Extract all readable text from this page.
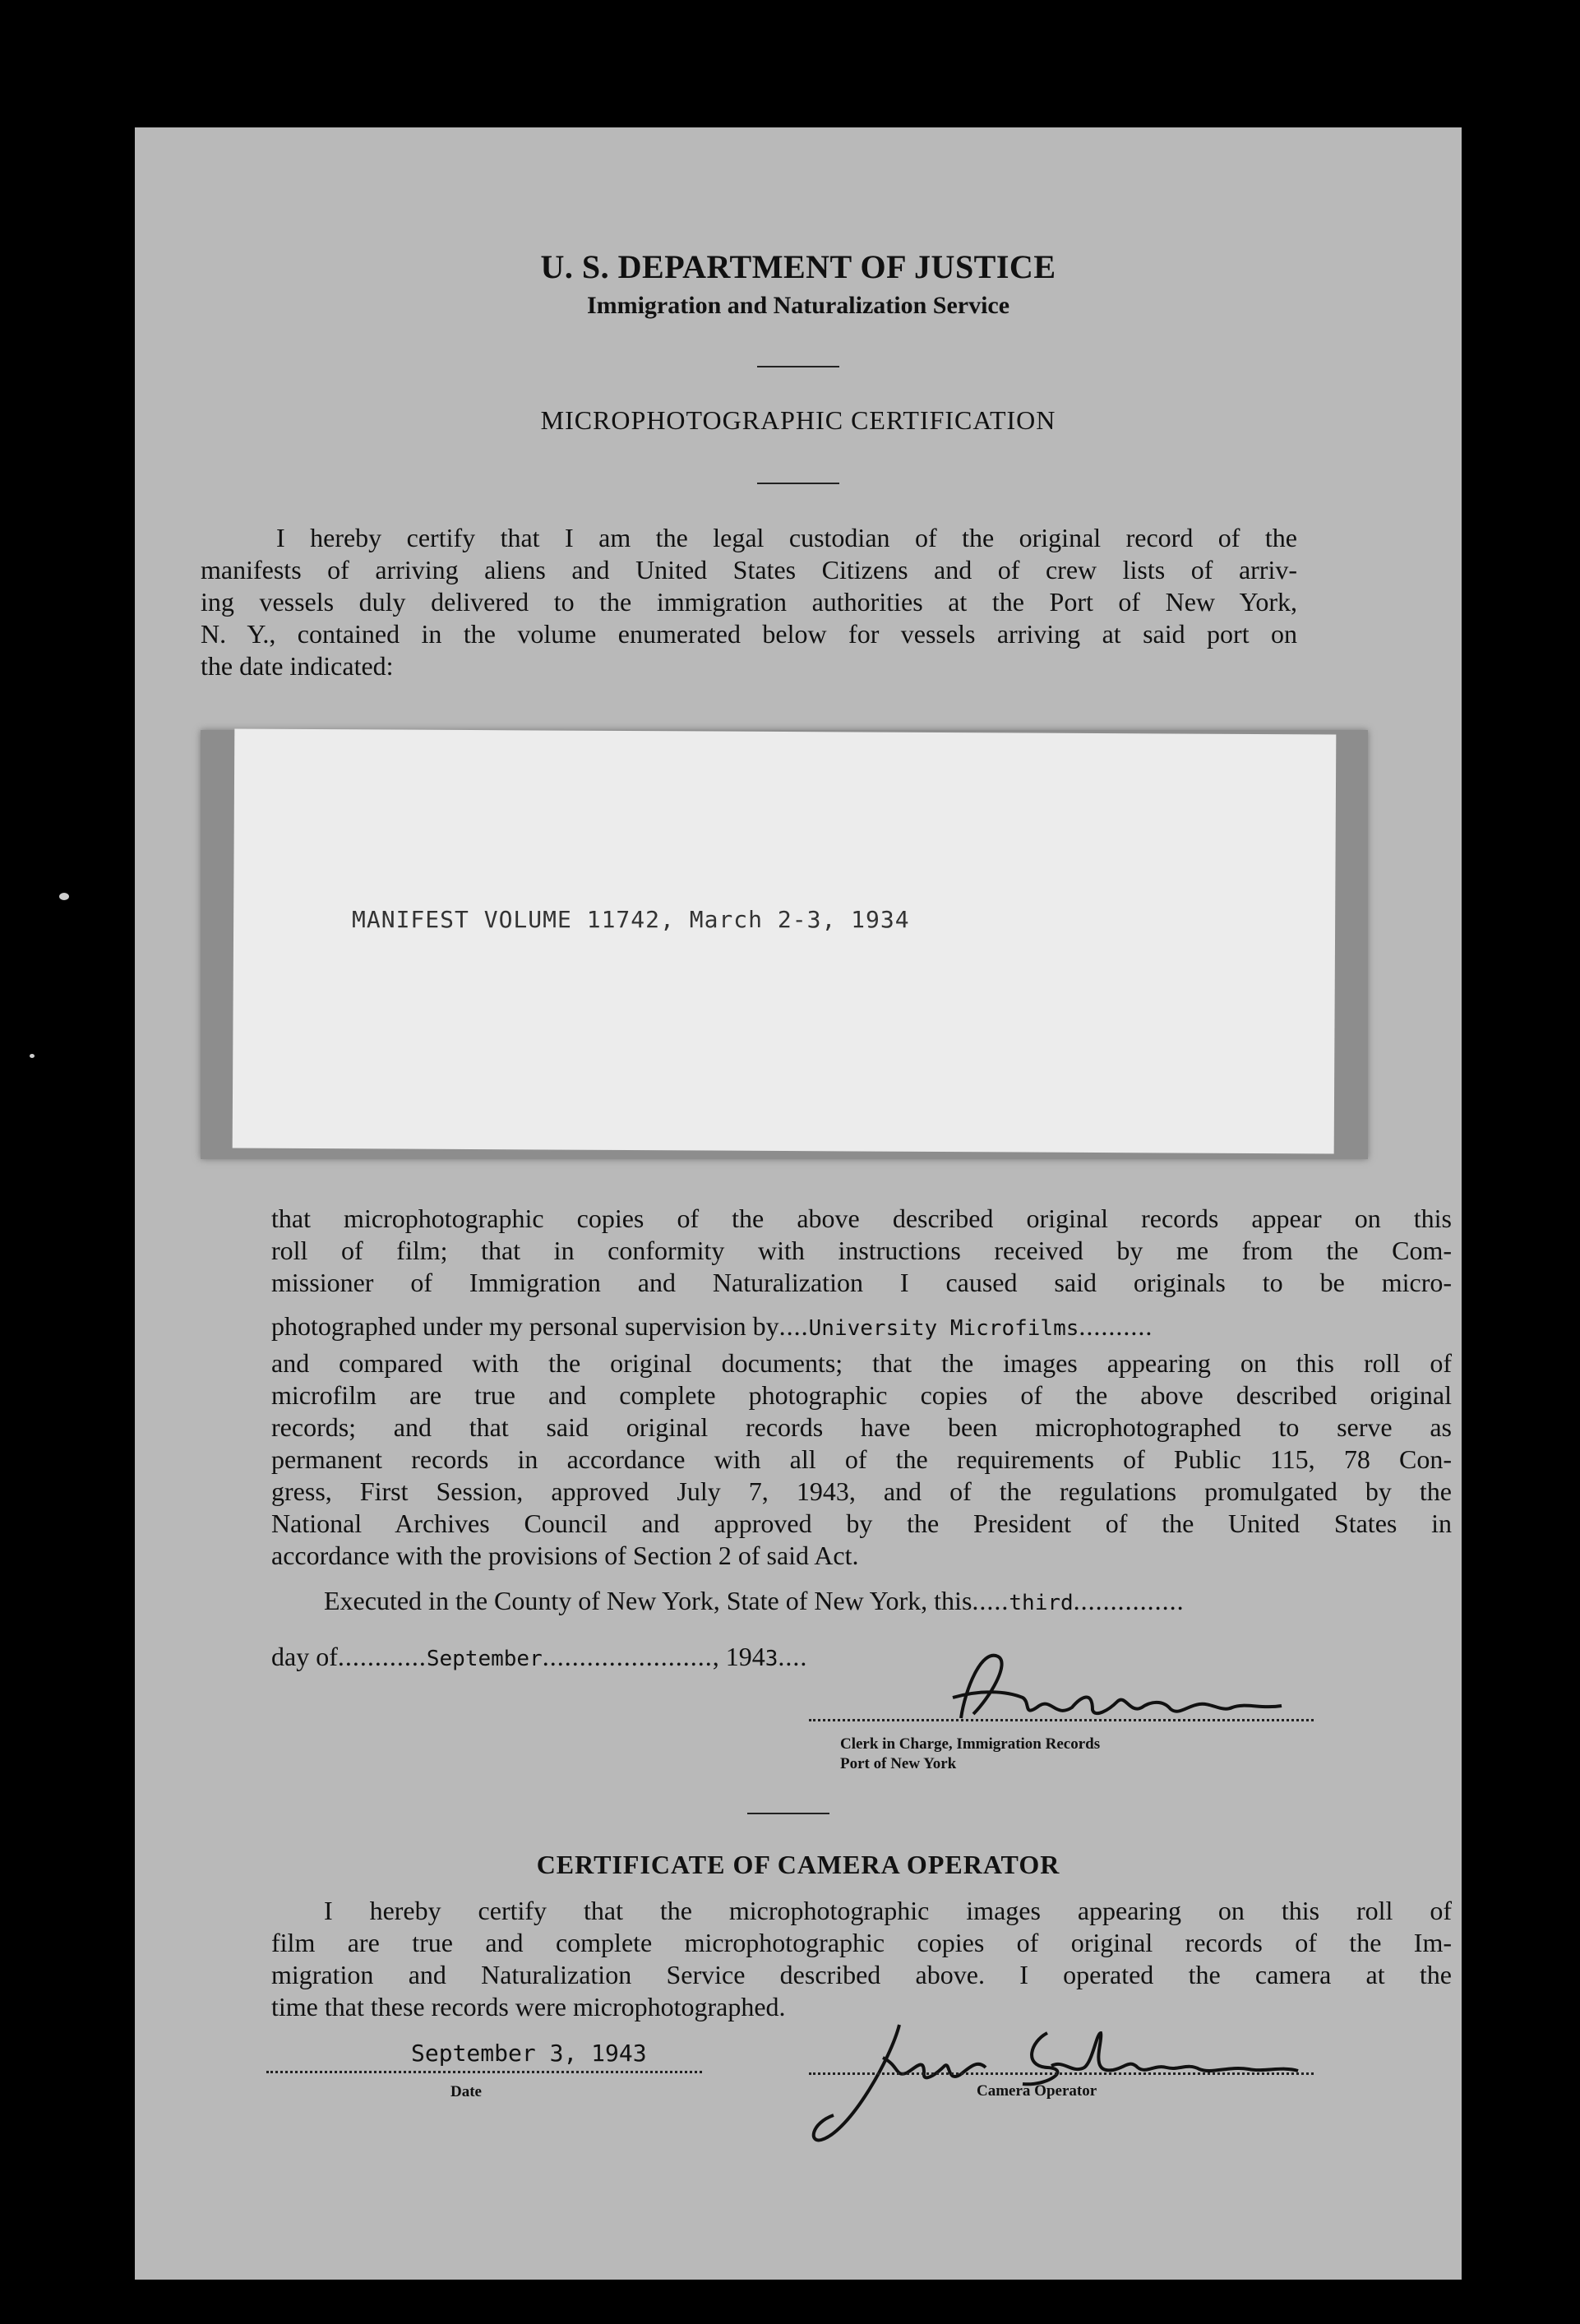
U. S. DEPARTMENT OF JUSTICE
Immigration and Naturalization Service
MICROPHOTOGRAPHIC CERTIFICATION
I hereby certify that I am the legal custodian of the original record of the
manifests of arriving aliens and United States Citizens and of crew lists of arriv-
ing vessels duly delivered to the immigration authorities at the Port of New York,
N. Y., contained in the volume enumerated below for vessels arriving at said port on
the date indicated:
MANIFEST VOLUME 11742, March 2-3, 1934
that microphotographic copies of the above described original records appear on this
roll of film; that in conformity with instructions received by me from the Com-
missioner of Immigration and Naturalization I caused said originals to be micro-
photographed under my personal supervision by....University Microfilms..........
and compared with the original documents; that the images appearing on this roll of
microfilm are true and complete photographic copies of the above described original
records; and that said original records have been microphotographed to serve as
permanent records in accordance with all of the requirements of Public 115, 78 Con-
gress, First Session, approved July 7, 1943, and of the regulations promulgated by the
National Archives Council and approved by the President of the United States in
accordance with the provisions of Section 2 of said Act.
Executed in the County of New York, State of New York, this.....third...............
day of............September......................., 1943....
Clerk in Charge, Immigration Records
Port of New York
CERTIFICATE OF CAMERA OPERATOR
I hereby certify that the microphotographic images appearing on this roll of
film are true and complete microphotographic copies of original records of the Im-
migration and Naturalization Service described above. I operated the camera at the
time that these records were microphotographed.
September 3, 1943
Date	Camera Operator
